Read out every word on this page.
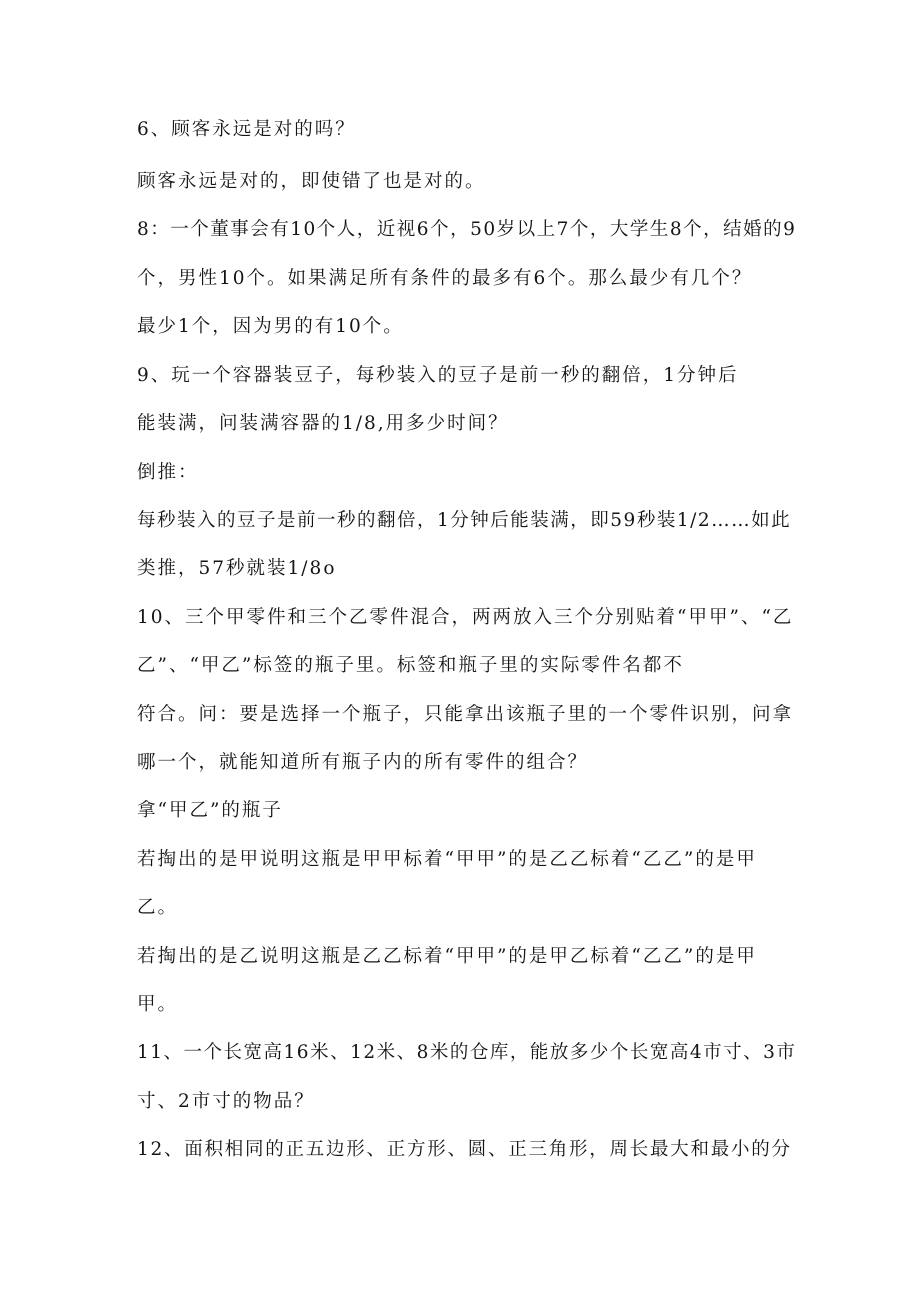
6、顾客永远是对的吗？
顾客永远是对的，即使错了也是对的。
8：一个董事会有10个人，近视6个，50岁以上7个，大学生8个，结婚的9
个，男性10个。如果满足所有条件的最多有6个。那么最少有几个？
最少1个，因为男的有10个。
9、玩一个容器装豆子，每秒装入的豆子是前一秒的翻倍，1分钟后
能装满，问装满容器的1/8,用多少时间？
倒推：
每秒装入的豆子是前一秒的翻倍，1分钟后能装满，即59秒装1/2……如此
类推，57秒就装1/8o
10、三个甲零件和三个乙零件混合，两两放入三个分别贴着“甲甲”、“乙
乙”、“甲乙”标签的瓶子里。标签和瓶子里的实际零件名都不
符合。问：要是选择一个瓶子，只能拿出该瓶子里的一个零件识别，问拿
哪一个，就能知道所有瓶子内的所有零件的组合？
拿“甲乙”的瓶子
若掏出的是甲说明这瓶是甲甲标着“甲甲”的是乙乙标着“乙乙”的是甲
乙。
若掏出的是乙说明这瓶是乙乙标着“甲甲”的是甲乙标着“乙乙”的是甲
甲。
11、一个长宽高16米、12米、8米的仓库，能放多少个长宽高4市寸、3市
寸、2市寸的物品？
12、面积相同的正五边形、正方形、圆、正三角形，周长最大和最小的分
